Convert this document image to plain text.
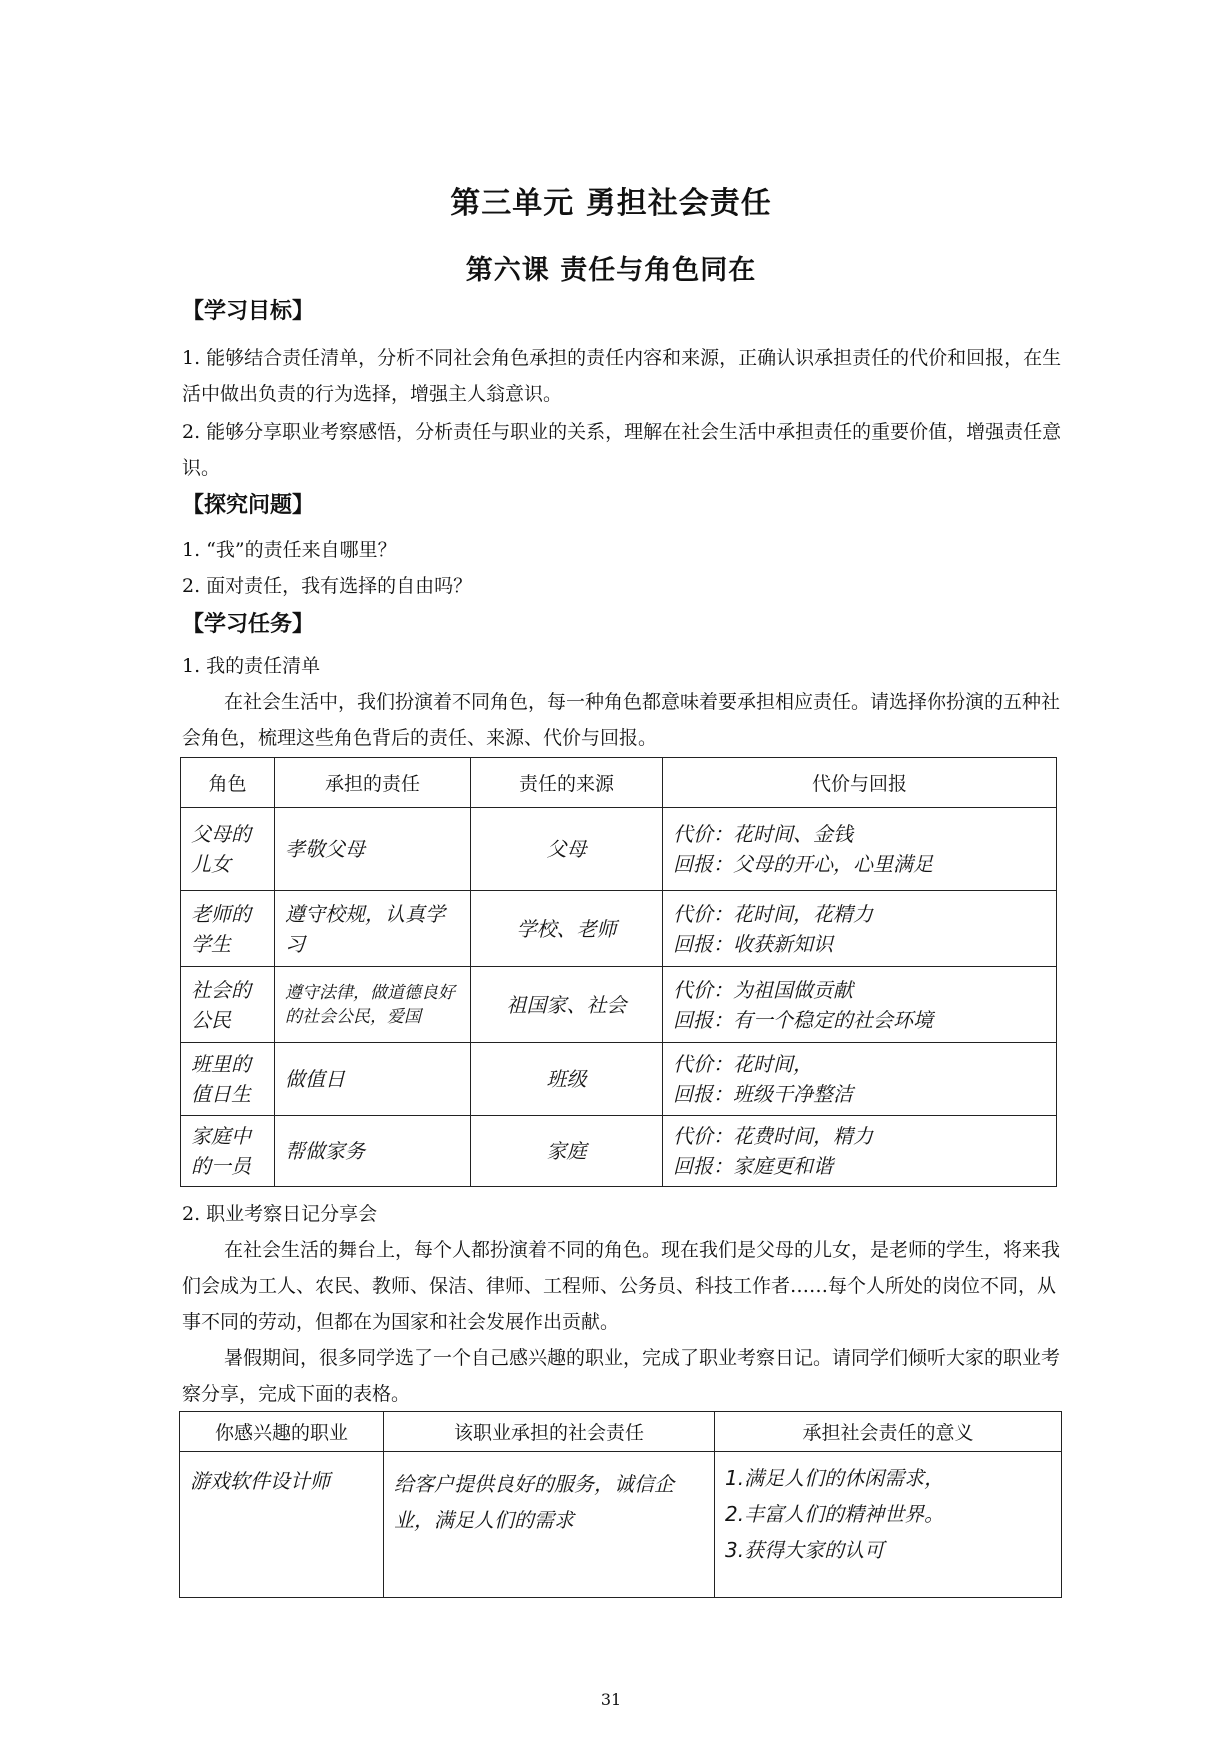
第三单元 勇担社会责任
第六课 责任与角色同在
【学习目标】
1. 能够结合责任清单，分析不同社会角色承担的责任内容和来源，正确认识承担责任的代价和回报，在生活中做出负责的行为选择，增强主人翁意识。
2. 能够分享职业考察感悟，分析责任与职业的关系，理解在社会生活中承担责任的重要价值，增强责任意识。
【探究问题】
1. “我”的责任来自哪里？
2. 面对责任，我有选择的自由吗？
【学习任务】
1. 我的责任清单
在社会生活中，我们扮演着不同角色，每一种角色都意味着要承担相应责任。请选择你扮演的五种社会角色，梳理这些角色背后的责任、来源、代价与回报。
角色	承担的责任	责任的来源	代价与回报
父母的儿女	孝敬父母	父母	代价：花时间、金钱
回报：父母的开心，心里满足
老师的学生	遵守校规，认真学习	学校、老师	代价：花时间，花精力
回报：收获新知识
社会的公民	遵守法律，做道德良好的社会公民，爱国	祖国家、社会	代价：为祖国做贡献
回报：有一个稳定的社会环境
班里的值日生	做值日	班级	代价：花时间，
回报：班级干净整洁
家庭中的一员	帮做家务	家庭	代价：花费时间，精力
回报：家庭更和谐
2. 职业考察日记分享会
在社会生活的舞台上，每个人都扮演着不同的角色。现在我们是父母的儿女，是老师的学生，将来我们会成为工人、农民、教师、保洁、律师、工程师、公务员、科技工作者……每个人所处的岗位不同，从事不同的劳动，但都在为国家和社会发展作出贡献。
暑假期间，很多同学选了一个自己感兴趣的职业，完成了职业考察日记。请同学们倾听大家的职业考察分享，完成下面的表格。
你感兴趣的职业	该职业承担的社会责任	承担社会责任的意义
游戏软件设计师	给客户提供良好的服务，诚信企业，满足人们的需求	1.满足人们的休闲需求，
2.丰富人们的精神世界。
3.获得大家的认可
31
